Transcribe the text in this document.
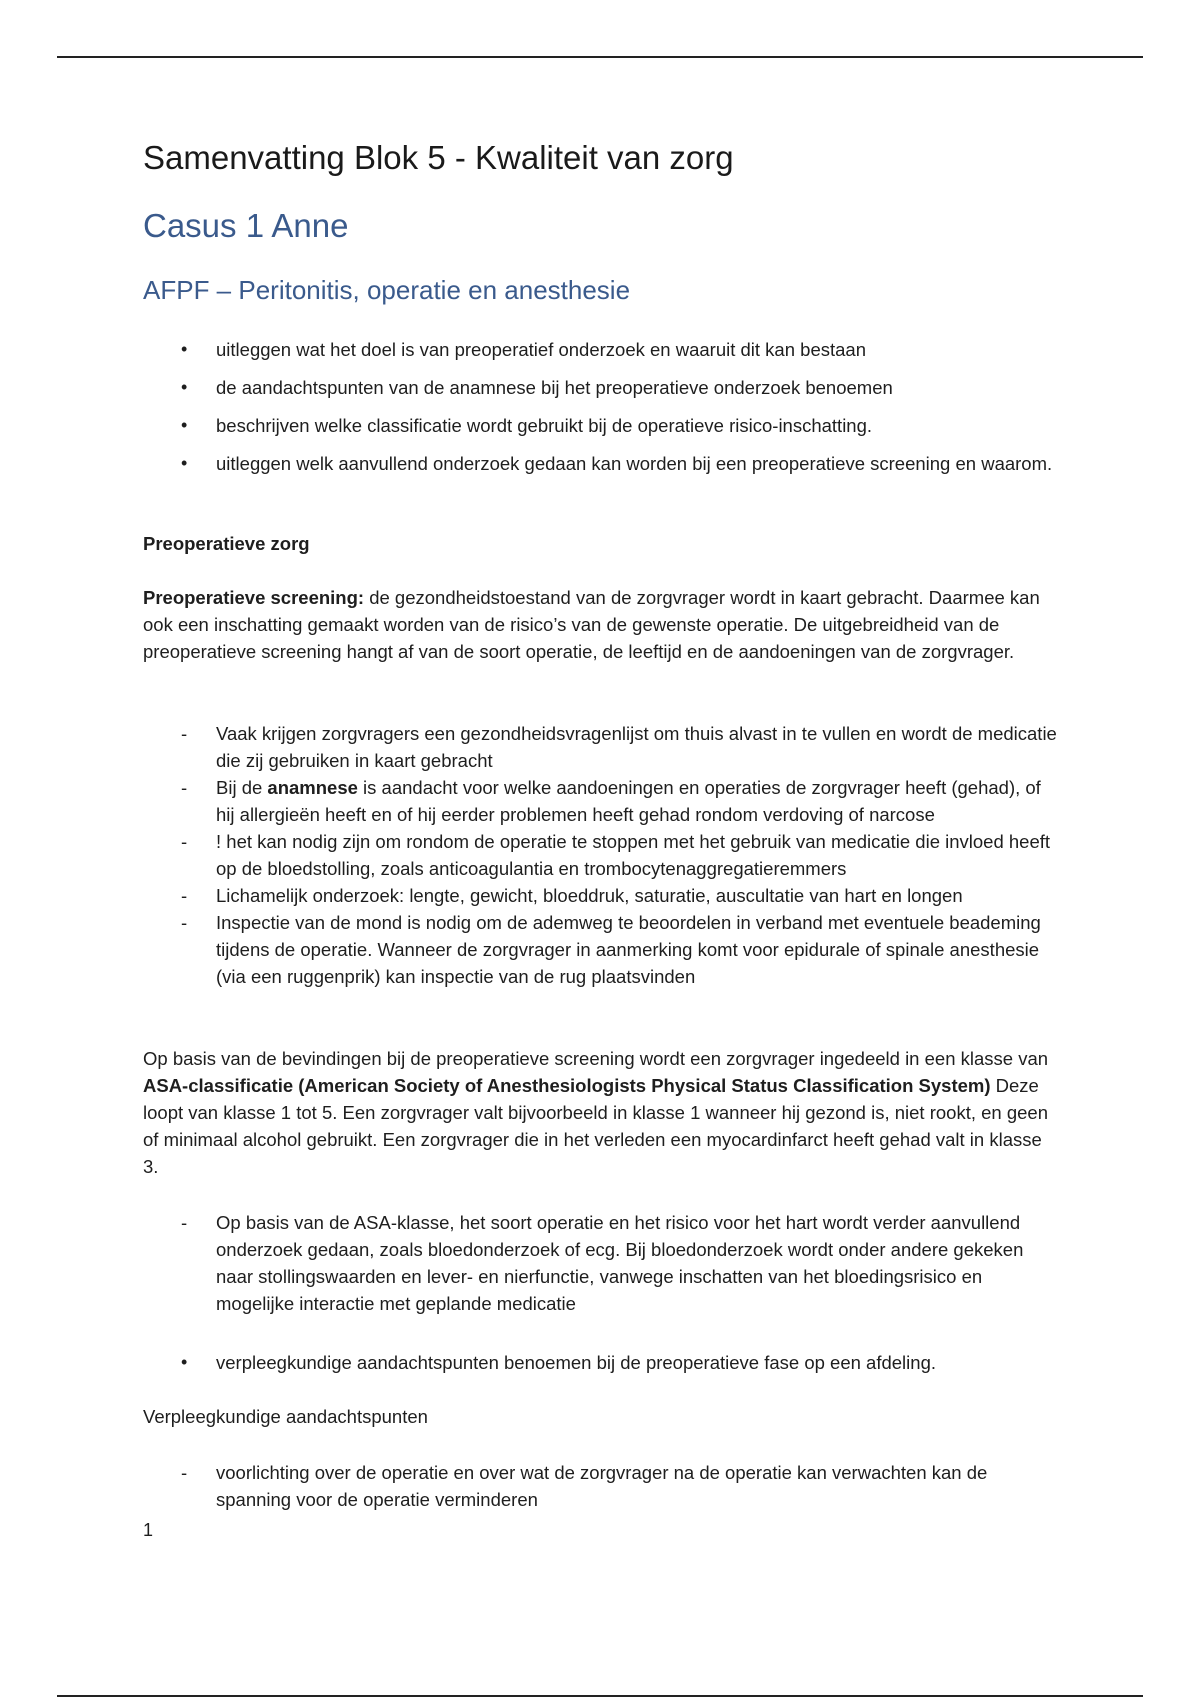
Samenvatting Blok 5 - Kwaliteit van zorg
Casus 1 Anne
AFPF – Peritonitis, operatie en anesthesie
• uitleggen wat het doel is van preoperatief onderzoek en waaruit dit kan bestaan
• de aandachtspunten van de anamnese bij het preoperatieve onderzoek benoemen
• beschrijven welke classificatie wordt gebruikt bij de operatieve risico-inschatting.
• uitleggen welk aanvullend onderzoek gedaan kan worden bij een preoperatieve screening en waarom.
Preoperatieve zorg
Preoperatieve screening: de gezondheidstoestand van de zorgvrager wordt in kaart gebracht. Daarmee kan ook een inschatting gemaakt worden van de risico’s van de gewenste operatie. De uitgebreidheid van de preoperatieve screening hangt af van de soort operatie, de leeftijd en de aandoeningen van de zorgvrager.
- Vaak krijgen zorgvragers een gezondheidsvragenlijst om thuis alvast in te vullen en wordt de medicatie die zij gebruiken in kaart gebracht
- Bij de anamnese is aandacht voor welke aandoeningen en operaties de zorgvrager heeft (gehad), of hij allergieën heeft en of hij eerder problemen heeft gehad rondom verdoving of narcose
- ! het kan nodig zijn om rondom de operatie te stoppen met het gebruik van medicatie die invloed heeft op de bloedstolling, zoals anticoagulantia en trombocytenaggregatieremmers
- Lichamelijk onderzoek: lengte, gewicht, bloeddruk, saturatie, auscultatie van hart en longen
- Inspectie van de mond is nodig om de ademweg te beoordelen in verband met eventuele beademing tijdens de operatie. Wanneer de zorgvrager in aanmerking komt voor epidurale of spinale anesthesie (via een ruggenprik) kan inspectie van de rug plaatsvinden
Op basis van de bevindingen bij de preoperatieve screening wordt een zorgvrager ingedeeld in een klasse van ASA-classificatie (American Society of Anesthesiologists Physical Status Classification System) Deze loopt van klasse 1 tot 5. Een zorgvrager valt bijvoorbeeld in klasse 1 wanneer hij gezond is, niet rookt, en geen of minimaal alcohol gebruikt. Een zorgvrager die in het verleden een myocardinfarct heeft gehad valt in klasse 3.
- Op basis van de ASA-klasse, het soort operatie en het risico voor het hart wordt verder aanvullend onderzoek gedaan, zoals bloedonderzoek of ecg. Bij bloedonderzoek wordt onder andere gekeken naar stollingswaarden en lever- en nierfunctie, vanwege inschatten van het bloedingsrisico en mogelijke interactie met geplande medicatie
• verpleegkundige aandachtspunten benoemen bij de preoperatieve fase op een afdeling.
Verpleegkundige aandachtspunten
- voorlichting over de operatie en over wat de zorgvrager na de operatie kan verwachten kan de spanning voor de operatie verminderen
1
